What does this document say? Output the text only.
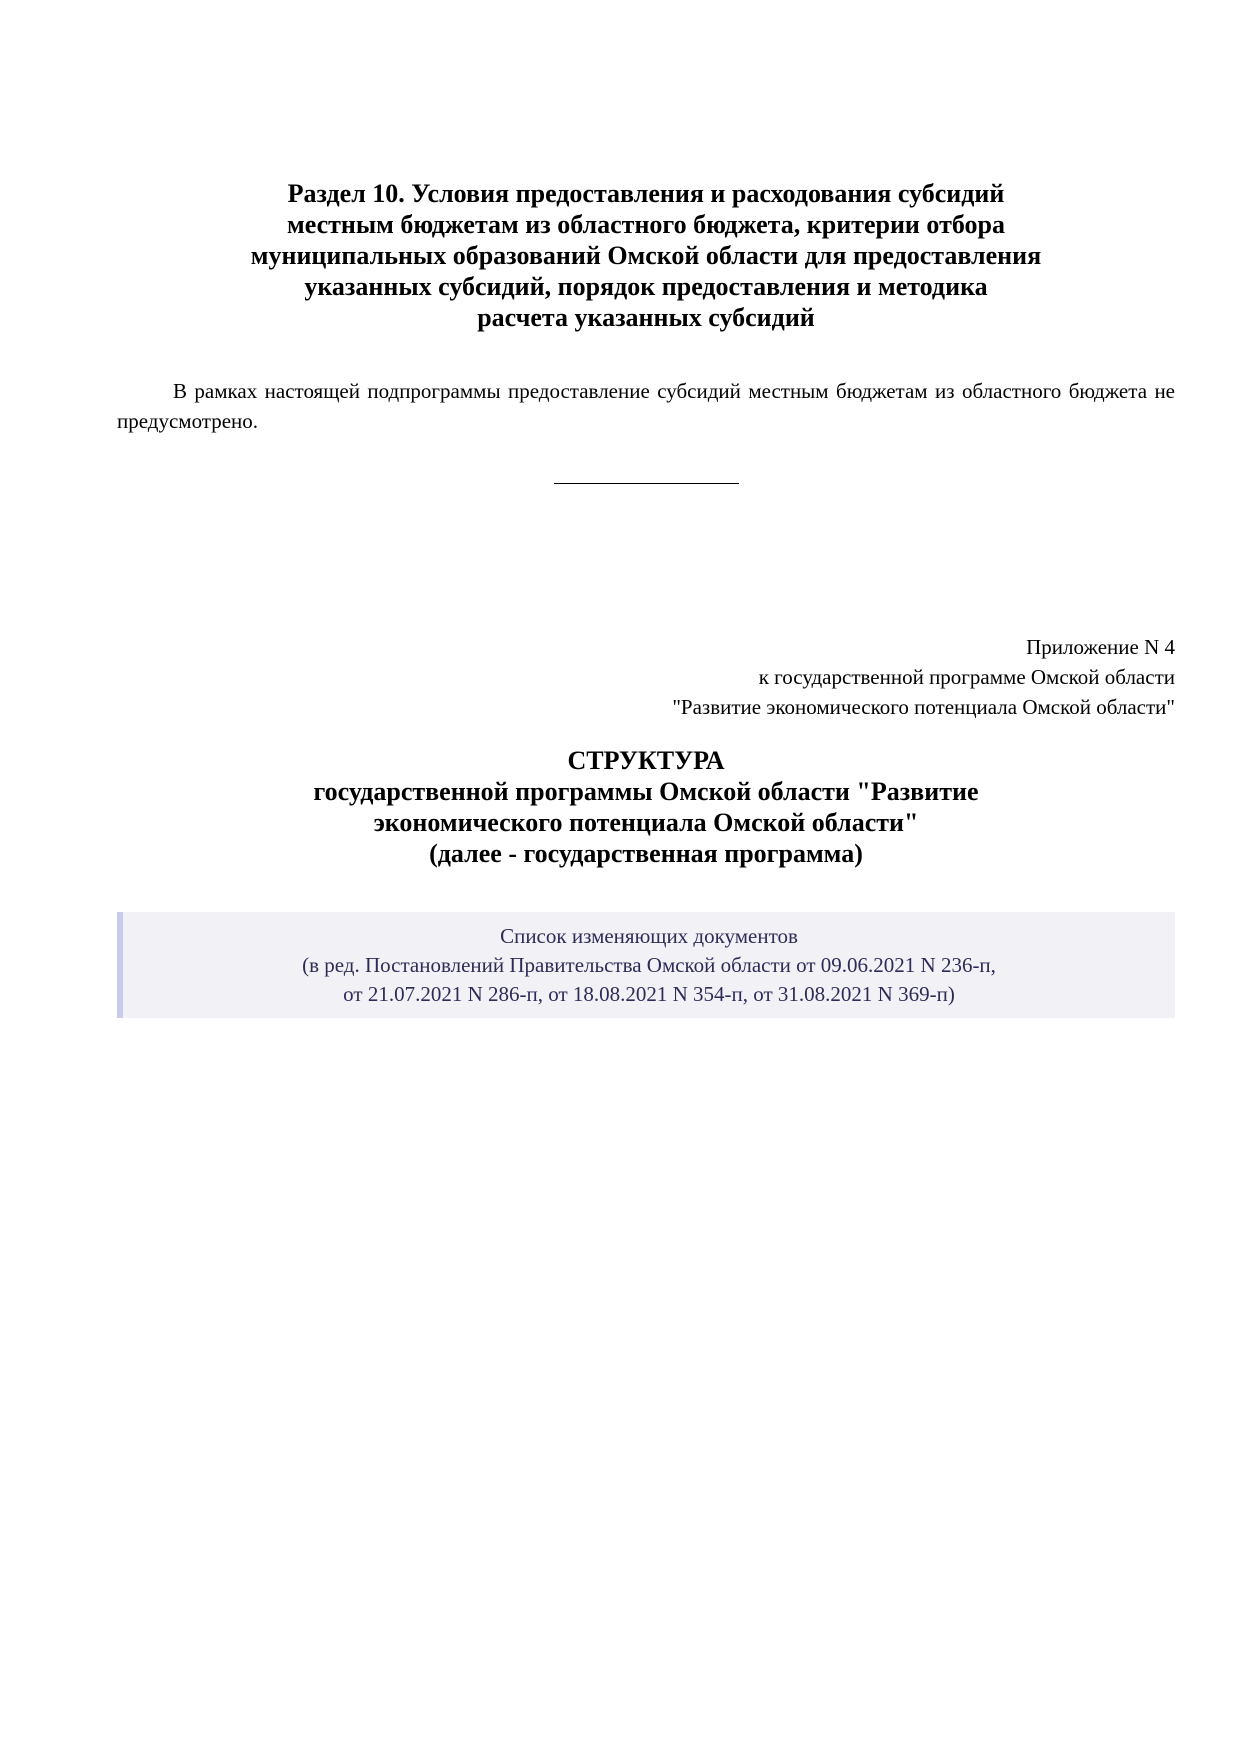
Раздел 10. Условия предоставления и расходования субсидий
местным бюджетам из областного бюджета, критерии отбора
муниципальных образований Омской области для предоставления
указанных субсидий, порядок предоставления и методика
расчета указанных субсидий
В рамках настоящей подпрограммы предоставление субсидий местным бюджетам из областного бюджета не предусмотрено.
Приложение N 4
к государственной программе Омской области
"Развитие экономического потенциала Омской области"
СТРУКТУРА
государственной программы Омской области "Развитие
экономического потенциала Омской области"
(далее - государственная программа)
Список изменяющих документов
(в ред. Постановлений Правительства Омской области от 09.06.2021 N 236-п,
от 21.07.2021 N 286-п, от 18.08.2021 N 354-п, от 31.08.2021 N 369-п)
